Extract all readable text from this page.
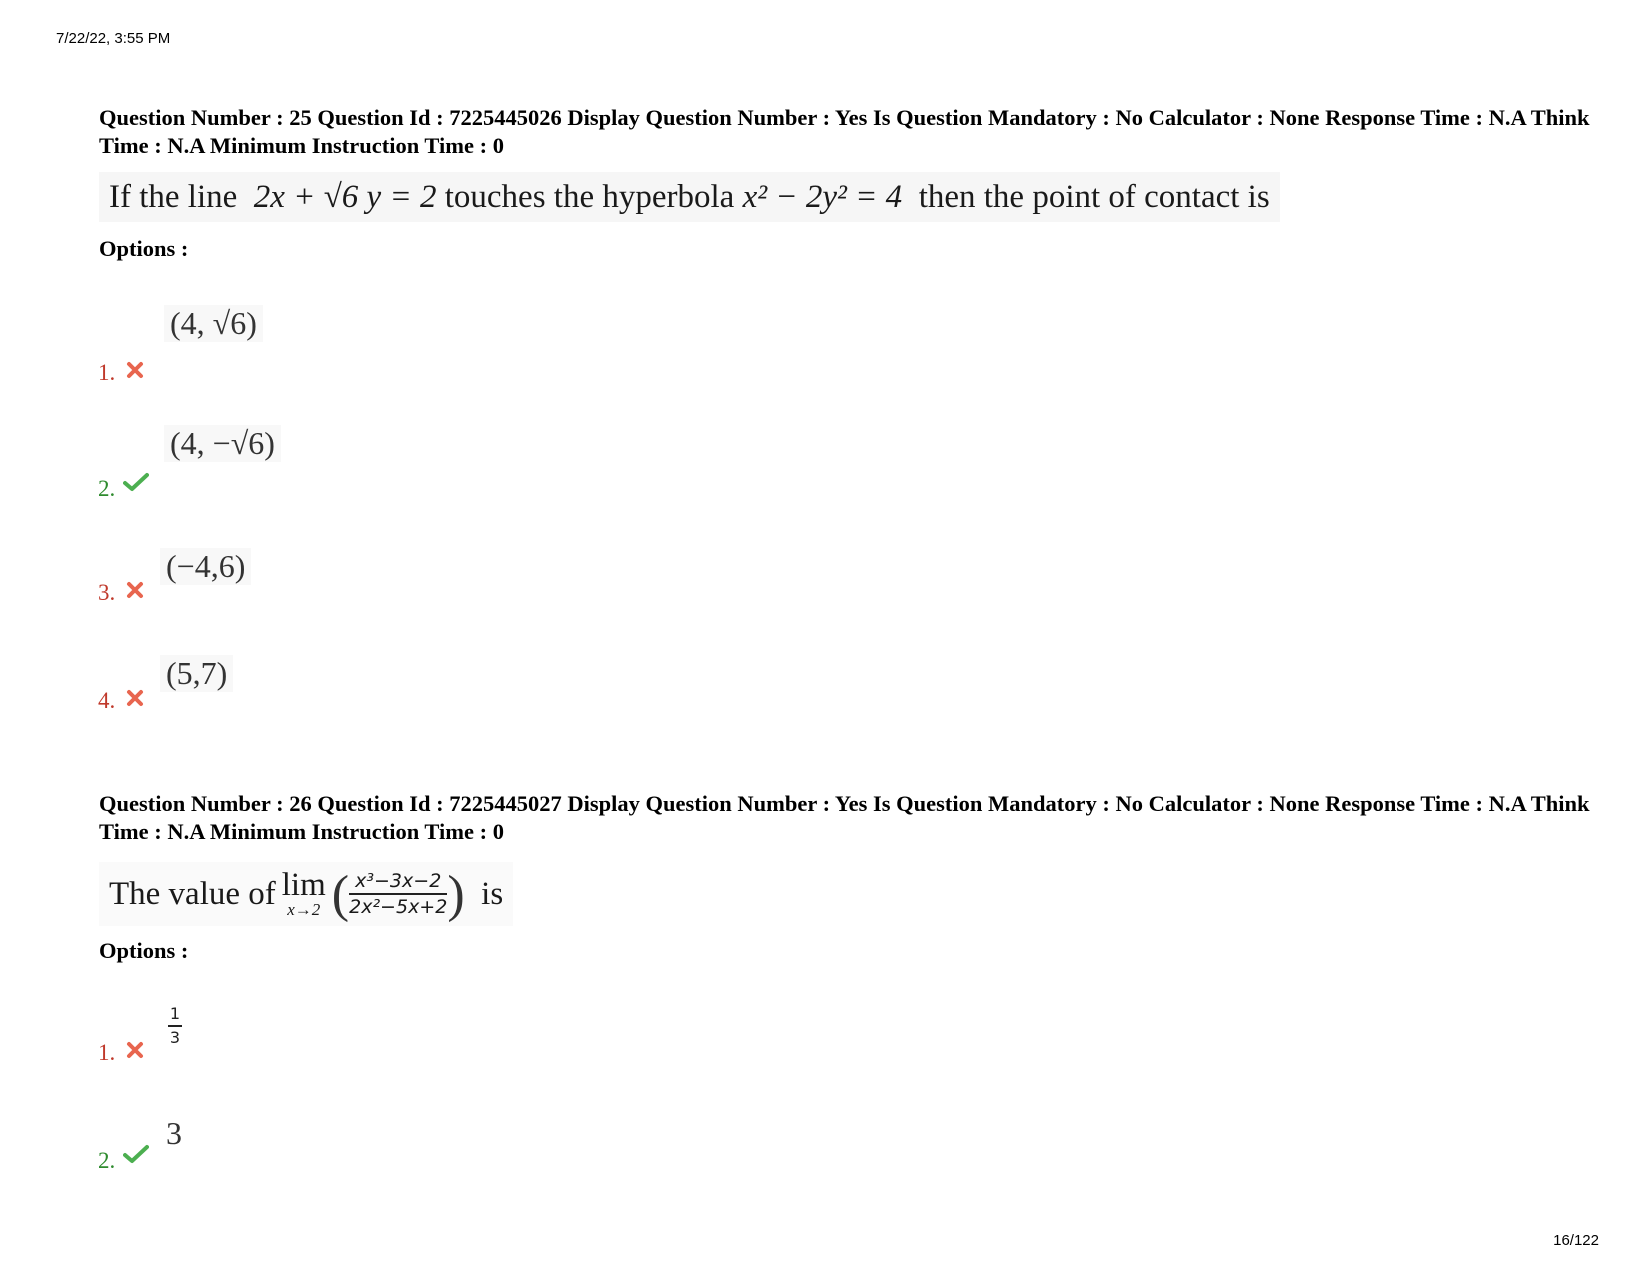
7/22/22, 3:55 PM
Question Number : 25 Question Id : 7225445026 Display Question Number : Yes Is Question Mandatory : No Calculator : None Response Time : N.A Think Time : N.A Minimum Instruction Time : 0
If the line
2x + √6 y = 2
touches the hyperbola
x² − 2y² = 4
then the point of contact is
Options :
(4, √6)
1.
(4, −√6)
2.
(−4,6)
3.
(5,7)
4.
Question Number : 26 Question Id : 7225445027 Display Question Number : Yes Is Question Mandatory : No Calculator : None Response Time : N.A Think Time : N.A Minimum Instruction Time : 0
The value of lim
x→2 ( x³−3x−2
2x²−5x+2 )
is
Options :
$\frac{1}{3}$
1.
3
2.
16/122
